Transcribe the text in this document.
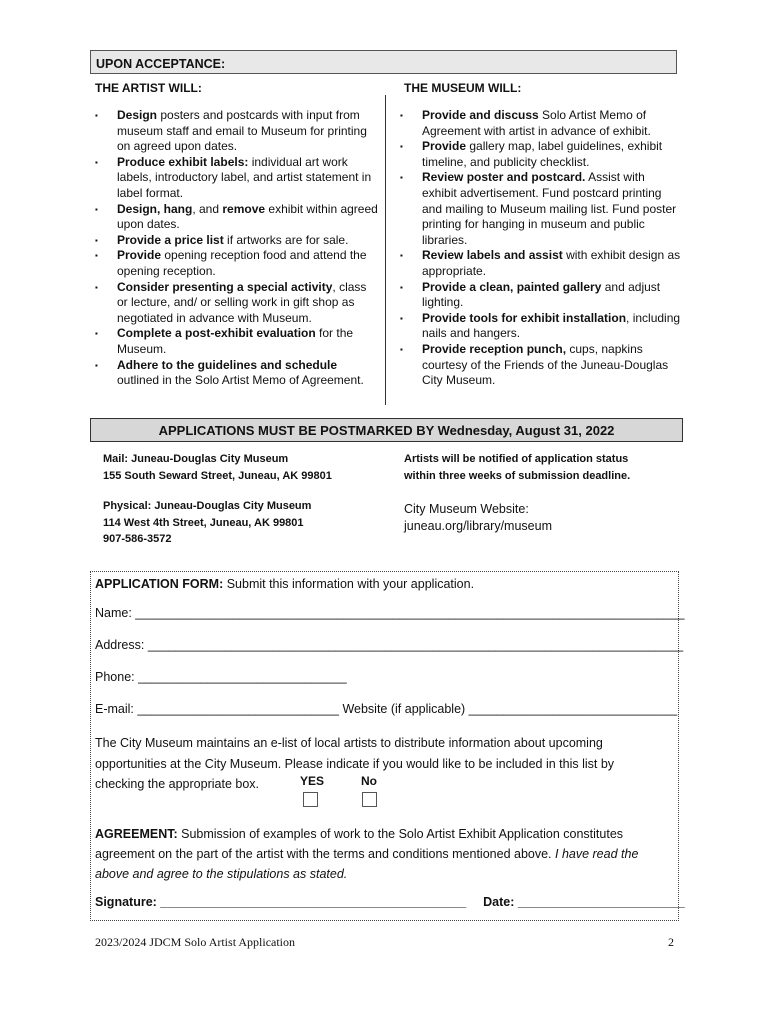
UPON ACCEPTANCE:
THE ARTIST WILL:	THE MUSEUM WILL:
▪ Design posters and postcards with input from museum staff and email to Museum for printing on agreed upon dates.
▪ Produce exhibit labels: individual art work labels, introductory label, and artist statement in label format.
▪ Design, hang, and remove exhibit within agreed upon dates.
▪ Provide a price list if artworks are for sale.
▪ Provide opening reception food and attend the opening reception.
▪ Consider presenting a special activity, class or lecture, and/ or selling work in gift shop as negotiated in advance with Museum.
▪ Complete a post-exhibit evaluation for the Museum.
▪ Adhere to the guidelines and schedule outlined in the Solo Artist Memo of Agreement.
▪ Provide and discuss Solo Artist Memo of Agreement with artist in advance of exhibit.
▪ Provide gallery map, label guidelines, exhibit timeline, and publicity checklist.
▪ Review poster and postcard. Assist with exhibit advertisement. Fund postcard printing and mailing to Museum mailing list. Fund poster printing for hanging in museum and public libraries.
▪ Review labels and assist with exhibit design as appropriate.
▪ Provide a clean, painted gallery and adjust lighting.
▪ Provide tools for exhibit installation, including nails and hangers.
▪ Provide reception punch, cups, napkins courtesy of the Friends of the Juneau-Douglas City Museum.
APPLICATIONS MUST BE POSTMARKED BY Wednesday, August 31, 2022
Mail: Juneau-Douglas City Museum
155 South Seward Street, Juneau, AK 99801
Physical: Juneau-Douglas City Museum
114 West 4th Street, Juneau, AK 99801
907-586-3572
Artists will be notified of application status
within three weeks of submission deadline.
City Museum Website:
juneau.org/library/museum
APPLICATION FORM: Submit this information with your application.
Name: _______________________________________________________________________________
Address: _____________________________________________________________________________
Phone: ______________________________
E-mail: _____________________________ Website (if applicable) ______________________________
The City Museum maintains an e-list of local artists to distribute information about upcoming
opportunities at the City Museum. Please indicate if you would like to be included in this list by
checking the appropriate box.	YES	No
AGREEMENT: Submission of examples of work to the Solo Artist Exhibit Application constitutes
agreement on the part of the artist with the terms and conditions mentioned above. I have read the
above and agree to the stipulations as stated.
Signature: ____________________________________________ Date: ________________________
2023/2024 JDCM Solo Artist Application	2
